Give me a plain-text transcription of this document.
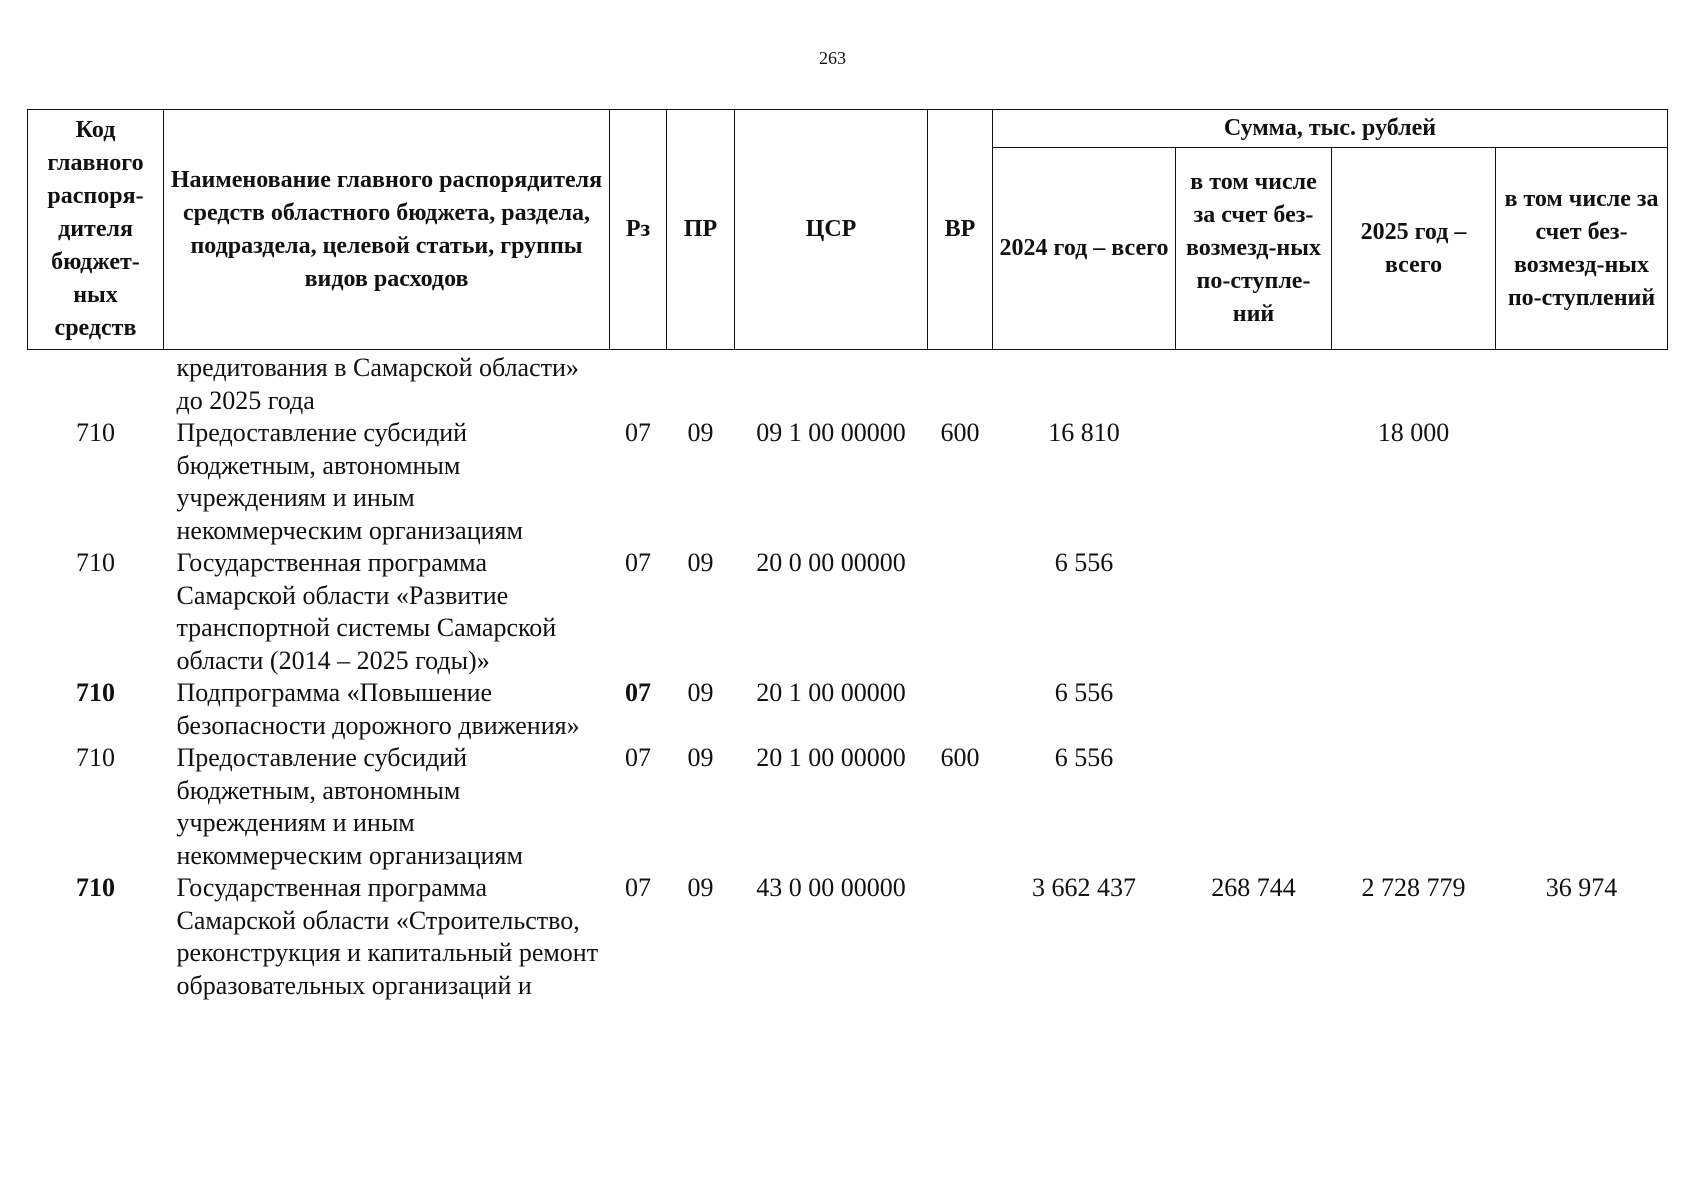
263
Код главного распоря-дителя бюджет-ных средств	Наименование главного распорядителя средств областного бюджета, раздела, подраздела, целевой статьи, группы видов расходов	Рз	ПР	ЦСР	ВР	Сумма, тыс. рублей			
						2024 год – всего	в том числе за счет без-возмезд-ных по-ступле-ний	2025 год – всего	в том числе за счет без-возмезд-ных по-ступлений
	кредитования в Самарской области» до 2025 года								
710	Предоставление субсидий бюджетным, автономным учреждениям и иным некоммерческим организациям	07	09	09 1 00 00000	600	16 810		18 000	
710	Государственная программа Самарской области «Развитие транспортной системы Самарской области (2014 – 2025 годы)»	07	09	20 0 00 00000		6 556			
710	Подпрограмма «Повышение безопасности дорожного движения»	07	09	20 1 00 00000		6 556			
710	Предоставление субсидий бюджетным, автономным учреждениям и иным некоммерческим организациям	07	09	20 1 00 00000	600	6 556			
710	Государственная программа Самарской области «Строительство, реконструкция и капитальный ремонт образовательных организаций и	07	09	43 0 00 00000		3 662 437	268 744	2 728 779	36 974
